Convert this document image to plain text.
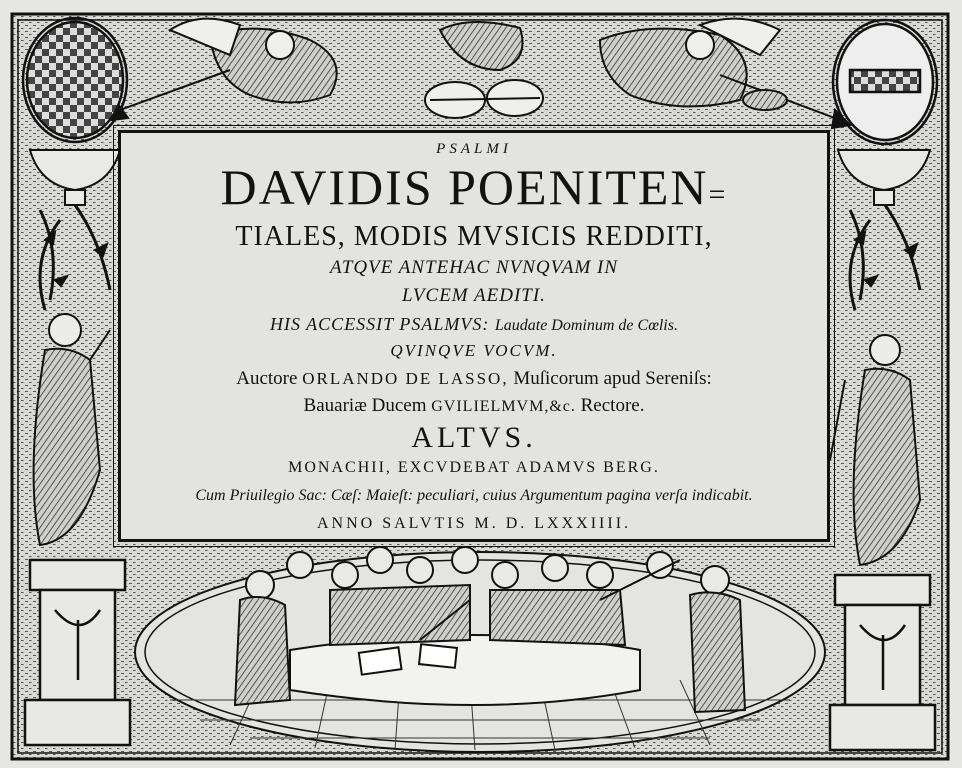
PSALMI
DAVIDIS POENITEN=
TIALES, MODIS MVSICIS REDDITI,
ATQVE ANTEHAC NVNQVAM IN
LVCEM AEDITI.
HIS ACCESSIT PSALMVS: Laudate Dominum de Cœlis.
QVINQVE VOCVM.
Auctore ORLANDO DE LASSO, Muſicorum apud Sereniſs:
Bauariæ Ducem GVILIELMVM,&c. Rectore.
ALTVS.
MONACHII, EXCVDEBAT ADAMVS BERG.
Cum Priuilegio Sac: Cæſ: Maieſt: peculiari, cuius Argumentum pagina verſa indicabit.
ANNO SALVTIS M. D. LXXXIIII.
